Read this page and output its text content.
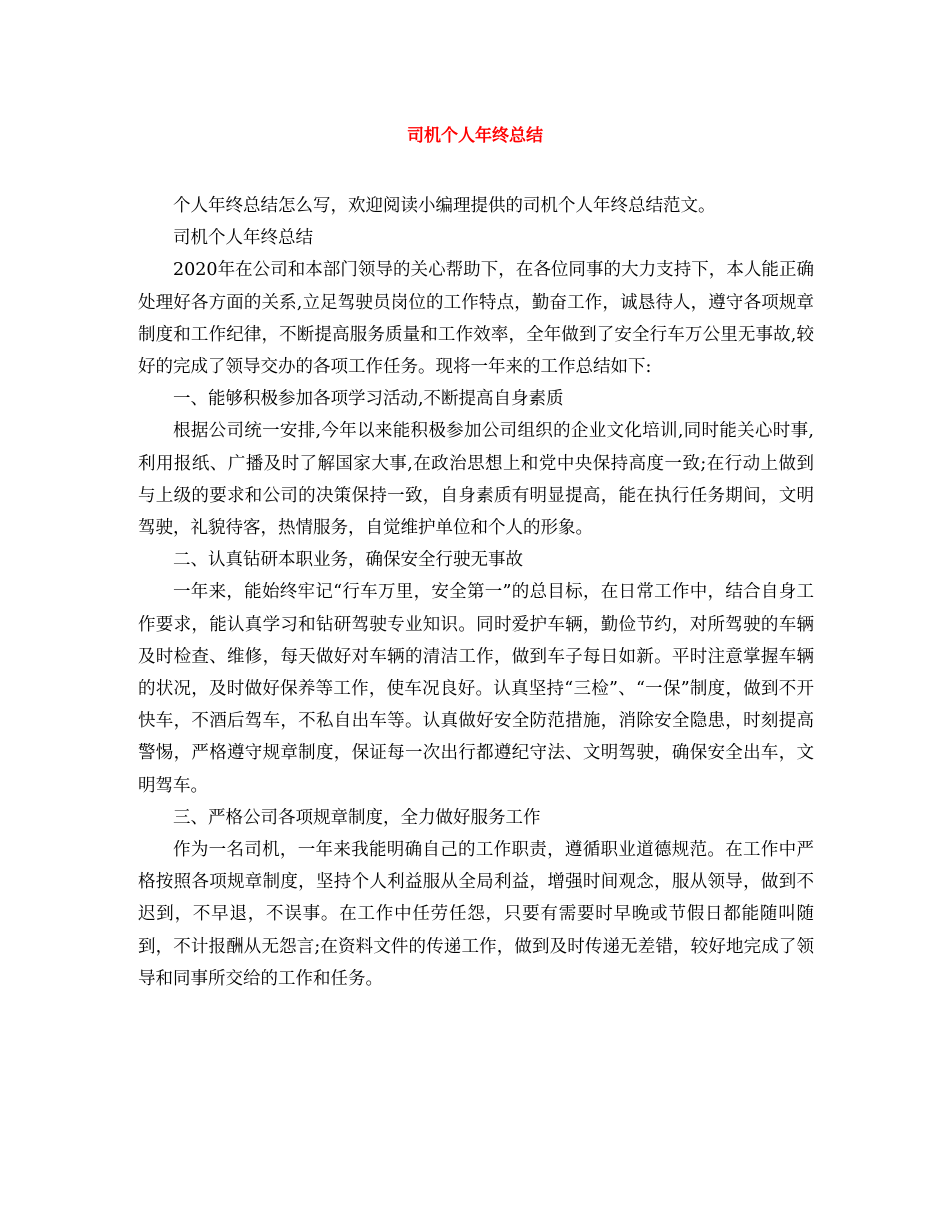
司机个人年终总结

个人年终总结怎么写，欢迎阅读小编理提供的司机个人年终总结范文。

司机个人年终总结

2020年在公司和本部门领导的关心帮助下，在各位同事的大力支持下，本人能正确处理好各方面的关系,立足驾驶员岗位的工作特点，勤奋工作，诚恳待人，遵守各项规章制度和工作纪律，不断提高服务质量和工作效率，全年做到了安全行车万公里无事故,较好的完成了领导交办的各项工作任务。现将一年来的工作总结如下:

一、能够积极参加各项学习活动,不断提高自身素质

根据公司统一安排,今年以来能积极参加公司组织的企业文化培训,同时能关心时事,利用报纸、广播及时了解国家大事,在政治思想上和党中央保持高度一致;在行动上做到与上级的要求和公司的决策保持一致，自身素质有明显提高，能在执行任务期间，文明驾驶，礼貌待客，热情服务，自觉维护单位和个人的形象。

二、认真钻研本职业务，确保安全行驶无事故

一年来，能始终牢记“行车万里，安全第一”的总目标，在日常工作中，结合自身工作要求，能认真学习和钻研驾驶专业知识。同时爱护车辆，勤俭节约，对所驾驶的车辆及时检查、维修，每天做好对车辆的清洁工作，做到车子每日如新。平时注意掌握车辆的状况，及时做好保养等工作，使车况良好。认真坚持“三检”、“一保”制度，做到不开快车，不酒后驾车，不私自出车等。认真做好安全防范措施，消除安全隐患，时刻提高警惕，严格遵守规章制度，保证每一次出行都遵纪守法、文明驾驶，确保安全出车，文明驾车。

三、严格公司各项规章制度，全力做好服务工作

作为一名司机，一年来我能明确自己的工作职责，遵循职业道德规范。在工作中严格按照各项规章制度，坚持个人利益服从全局利益，增强时间观念，服从领导，做到不迟到，不早退，不误事。在工作中任劳任怨，只要有需要时早晚或节假日都能随叫随到，不计报酬从无怨言;在资料文件的传递工作，做到及时传递无差错，较好地完成了领导和同事所交给的工作和任务。
